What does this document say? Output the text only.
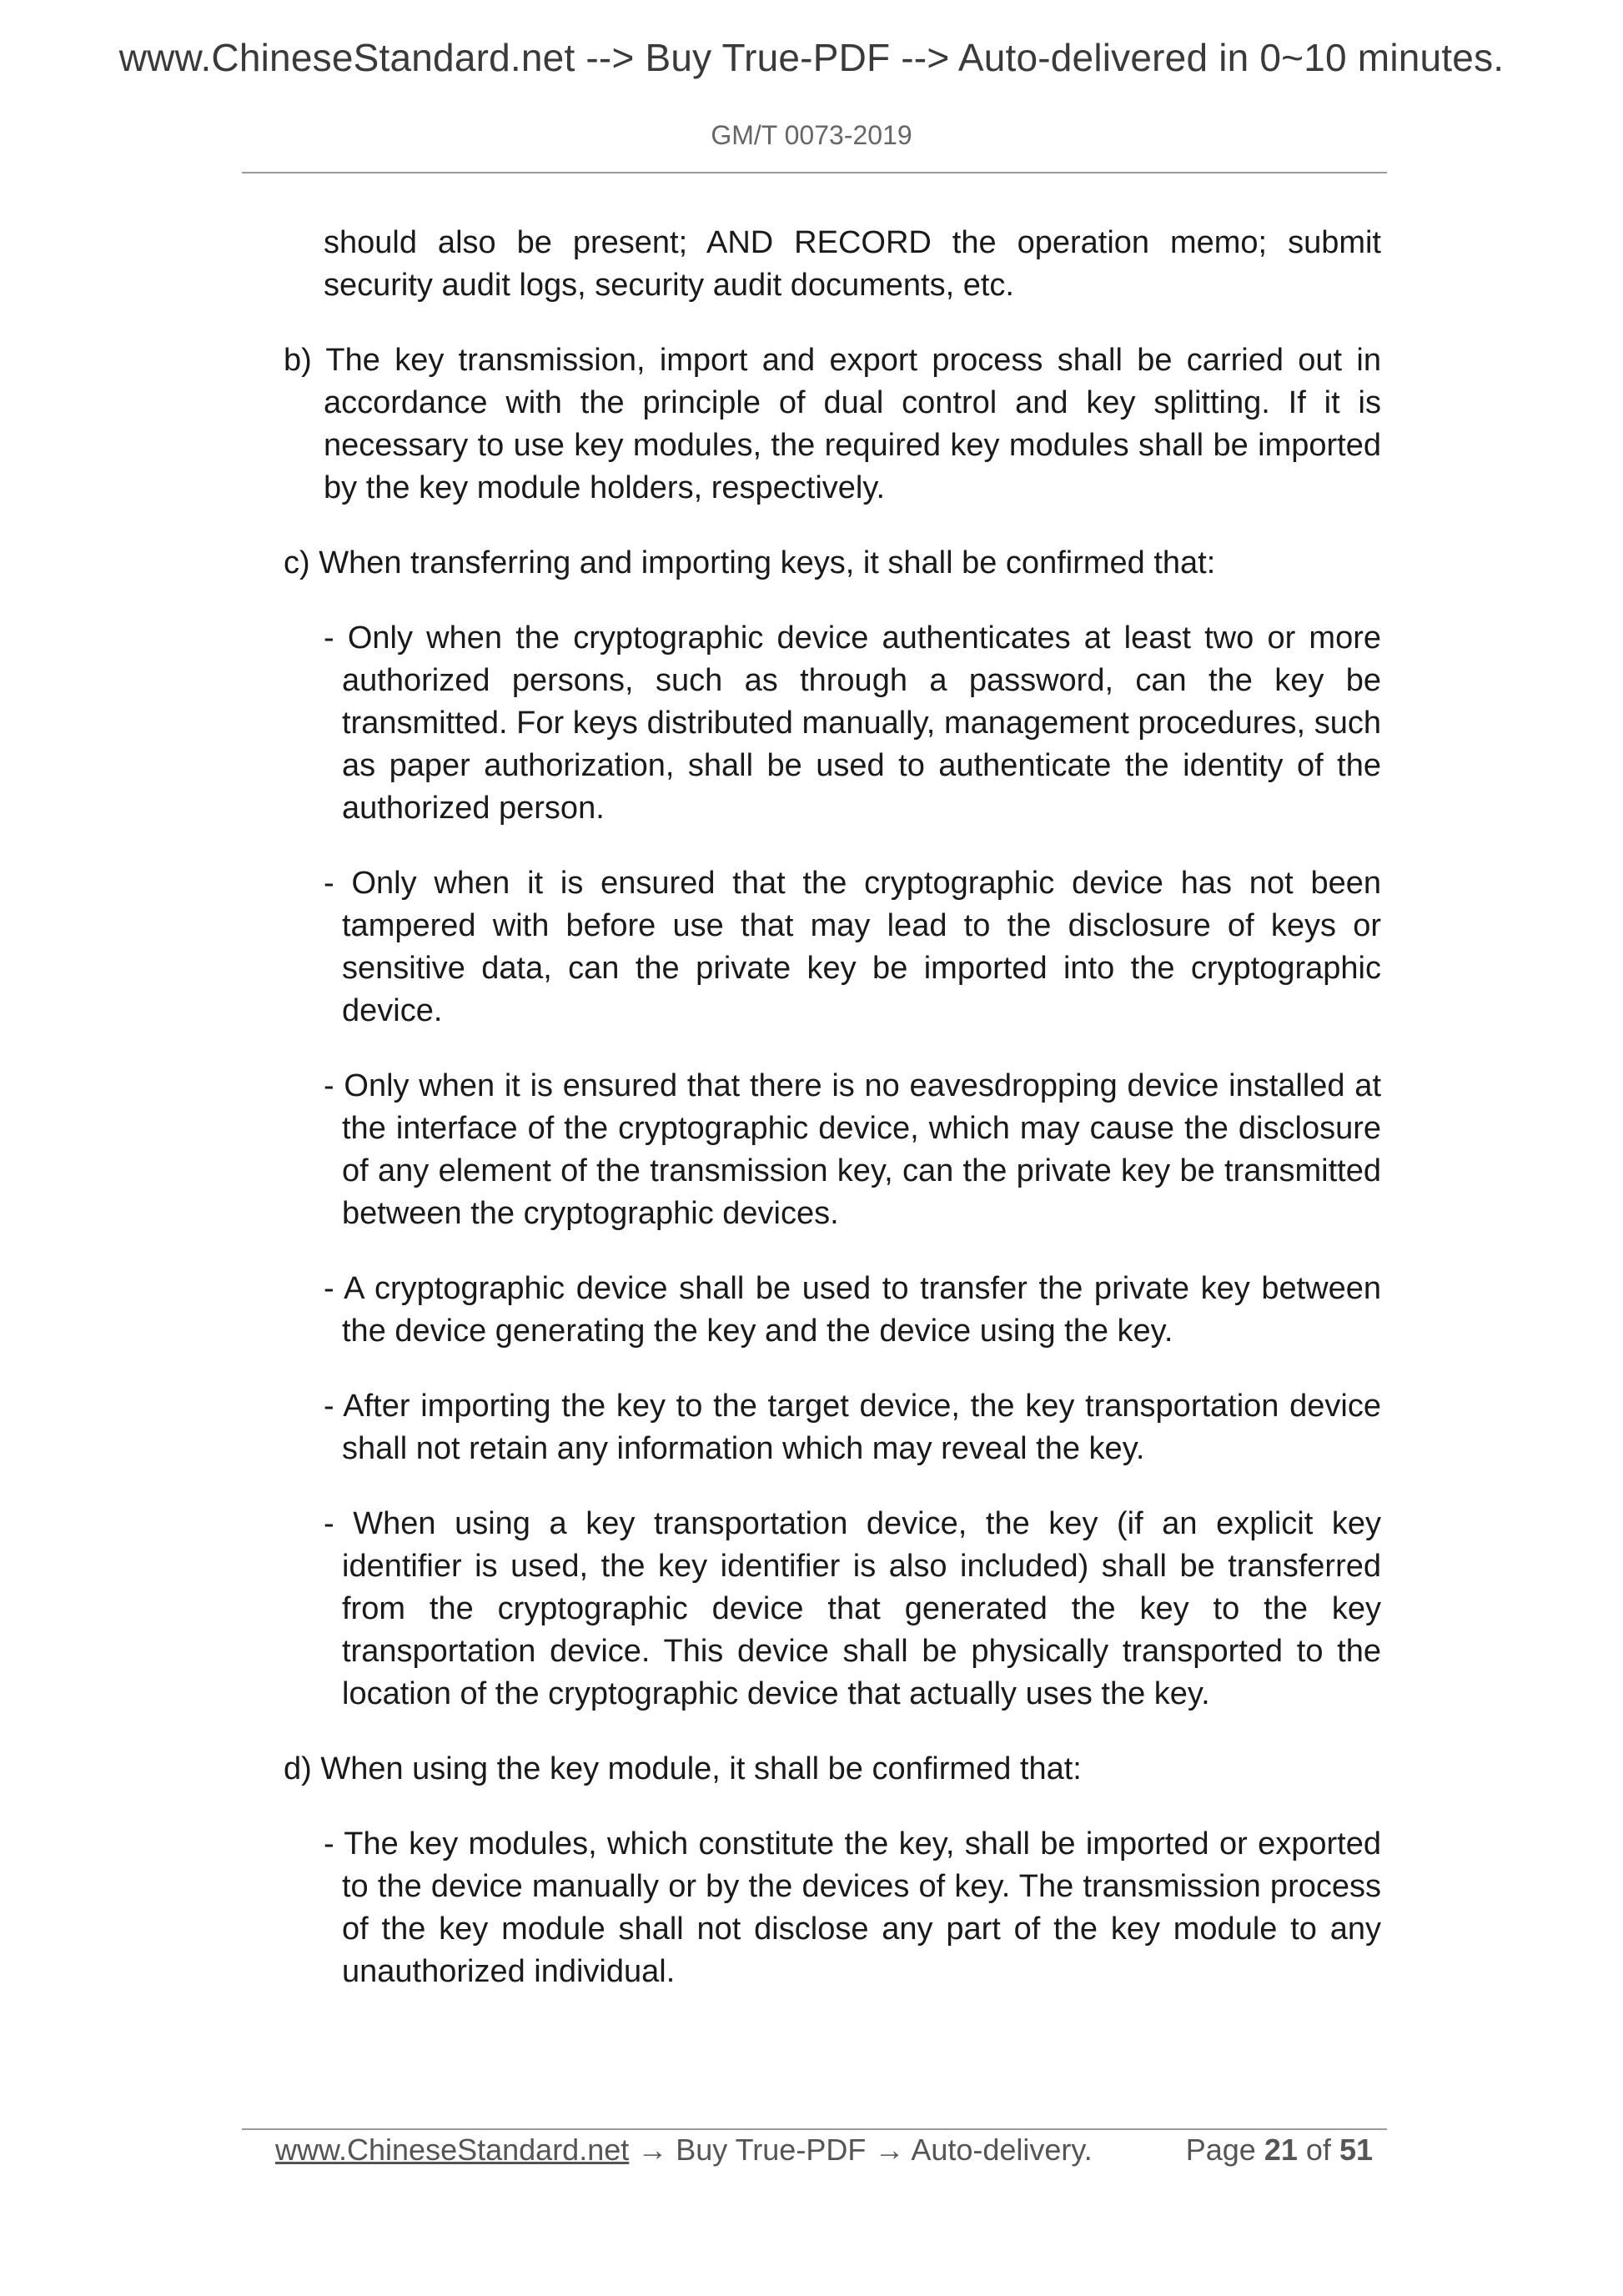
www.ChineseStandard.net --> Buy True-PDF --> Auto-delivered in 0~10 minutes.
GM/T 0073-2019

should also be present; AND RECORD the operation memo; submit security audit logs, security audit documents, etc.

b) The key transmission, import and export process shall be carried out in accordance with the principle of dual control and key splitting. If it is necessary to use key modules, the required key modules shall be imported by the key module holders, respectively.

c) When transferring and importing keys, it shall be confirmed that:

- Only when the cryptographic device authenticates at least two or more authorized persons, such as through a password, can the key be transmitted. For keys distributed manually, management procedures, such as paper authorization, shall be used to authenticate the identity of the authorized person.

- Only when it is ensured that the cryptographic device has not been tampered with before use that may lead to the disclosure of keys or sensitive data, can the private key be imported into the cryptographic device.

- Only when it is ensured that there is no eavesdropping device installed at the interface of the cryptographic device, which may cause the disclosure of any element of the transmission key, can the private key be transmitted between the cryptographic devices.

- A cryptographic device shall be used to transfer the private key between the device generating the key and the device using the key.

- After importing the key to the target device, the key transportation device shall not retain any information which may reveal the key.

- When using a key transportation device, the key (if an explicit key identifier is used, the key identifier is also included) shall be transferred from the cryptographic device that generated the key to the key transportation device. This device shall be physically transported to the location of the cryptographic device that actually uses the key.

d) When using the key module, it shall be confirmed that:

- The key modules, which constitute the key, shall be imported or exported to the device manually or by the devices of key. The transmission process of the key module shall not disclose any part of the key module to any unauthorized individual.

www.ChineseStandard.net → Buy True-PDF → Auto-delivery.	Page 21 of 51
